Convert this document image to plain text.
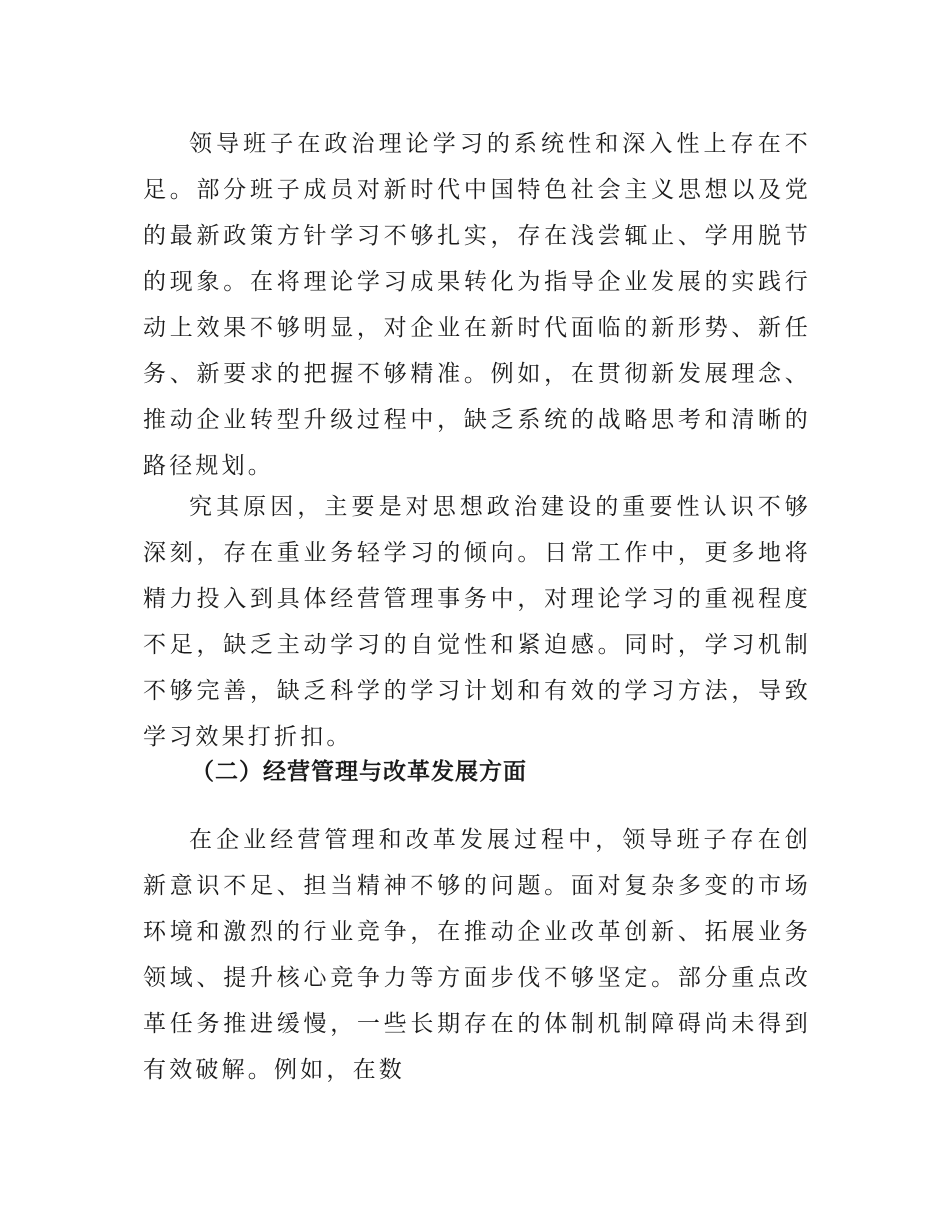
领导班子在政治理论学习的系统性和深入性上存在不足。部分班子成员对新时代中国特色社会主义思想以及党的最新政策方针学习不够扎实，存在浅尝辄止、学用脱节的现象。在将理论学习成果转化为指导企业发展的实践行动上效果不够明显，对企业在新时代面临的新形势、新任务、新要求的把握不够精准。例如，在贯彻新发展理念、推动企业转型升级过程中，缺乏系统的战略思考和清晰的路径规划。

究其原因，主要是对思想政治建设的重要性认识不够深刻，存在重业务轻学习的倾向。日常工作中，更多地将精力投入到具体经营管理事务中，对理论学习的重视程度不足，缺乏主动学习的自觉性和紧迫感。同时，学习机制不够完善，缺乏科学的学习计划和有效的学习方法，导致学习效果打折扣。

（二）经营管理与改革发展方面

在企业经营管理和改革发展过程中，领导班子存在创新意识不足、担当精神不够的问题。面对复杂多变的市场环境和激烈的行业竞争，在推动企业改革创新、拓展业务领域、提升核心竞争力等方面步伐不够坚定。部分重点改革任务推进缓慢，一些长期存在的体制机制障碍尚未得到有效破解。例如，在数
